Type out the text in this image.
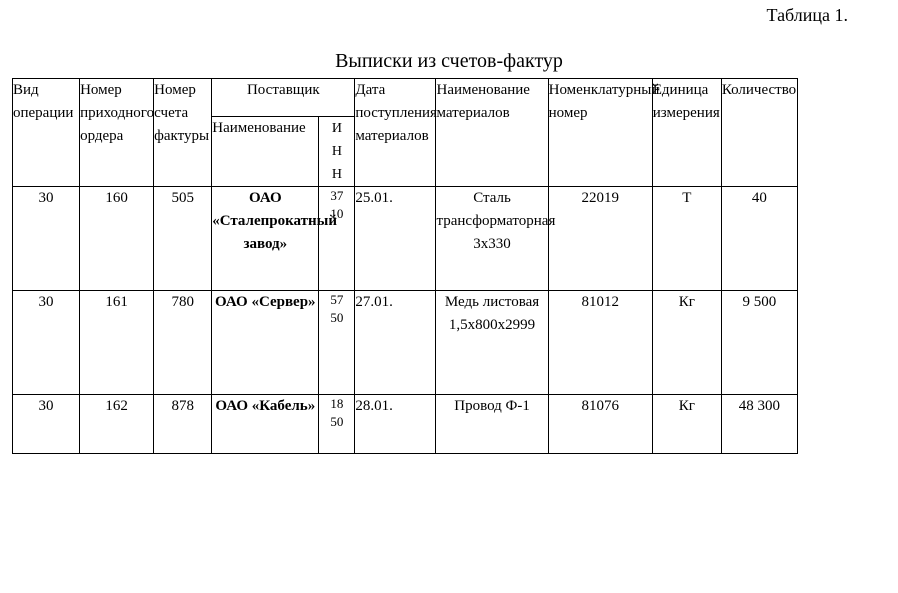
Таблица 1.
Выписки из счетов-фактур
Вид операции	Номер приходного ордера	Номер счета фактуры	Поставщик		Дата поступления материалов	Наименование материалов	Номенклатурный номер	Единица измерения	Количество
			Наименование	ИНН					

30	160	505	ОАО «Сталепрокатный завод»	3710	25.01.	Сталь трансформаторная 3х330	22019	Т	40
30	161	780	ОАО «Сервер»	5750	27.01.	Медь листовая 1,5х800х2999	81012	Кг	9 500
30	162	878	ОАО «Кабель»	1850	28.01.	Провод Ф-1	81076	Кг	48 300
